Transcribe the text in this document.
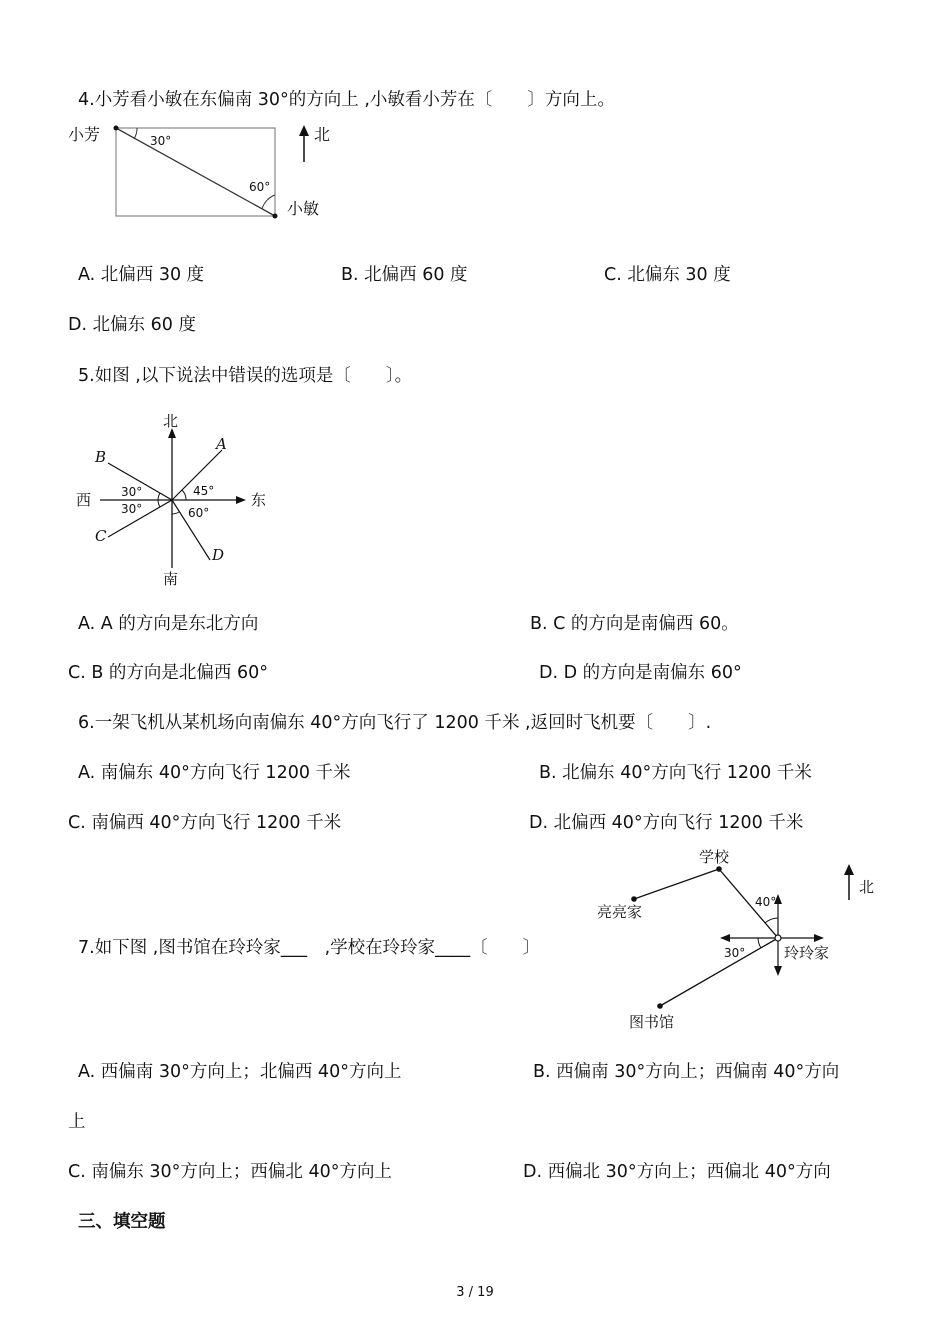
4.小芳看小敏在东偏南 30°的方向上 ,小敏看小芳在〔　　〕方向上。
小芳	30°
60°
小敏
北
A. 北偏西 30 度	B. 北偏西 60 度	C. 北偏东 30 度
D. 北偏东 60 度
5.如图 ,以下说法中错误的选项是〔　　〕。
北
南
西	东
A
B
C
D
30°
30°
45°
60°
A. A 的方向是东北方向	B. C 的方向是南偏西 60。
C. B 的方向是北偏西 60°	D. D 的方向是南偏东 60°
6.一架飞机从某机场向南偏东 40°方向飞行了 1200 千米 ,返回时飞机要〔　　〕.
A. 南偏东 40°方向飞行 1200 千米	B. 北偏东 40°方向飞行 1200 千米
C. 南偏西 40°方向飞行 1200 千米	D. 北偏西 40°方向飞行 1200 千米
7.如下图 ,图书馆在玲玲家___　,学校在玲玲家____〔　　〕
学校
亮亮家
40°
30°	玲玲家
图书馆
北
A. 西偏南 30°方向上；北偏西 40°方向上	B. 西偏南 30°方向上；西偏南 40°方向
上
C. 南偏东 30°方向上；西偏北 40°方向上	D. 西偏北 30°方向上；西偏北 40°方向
三、填空题
3 / 19
